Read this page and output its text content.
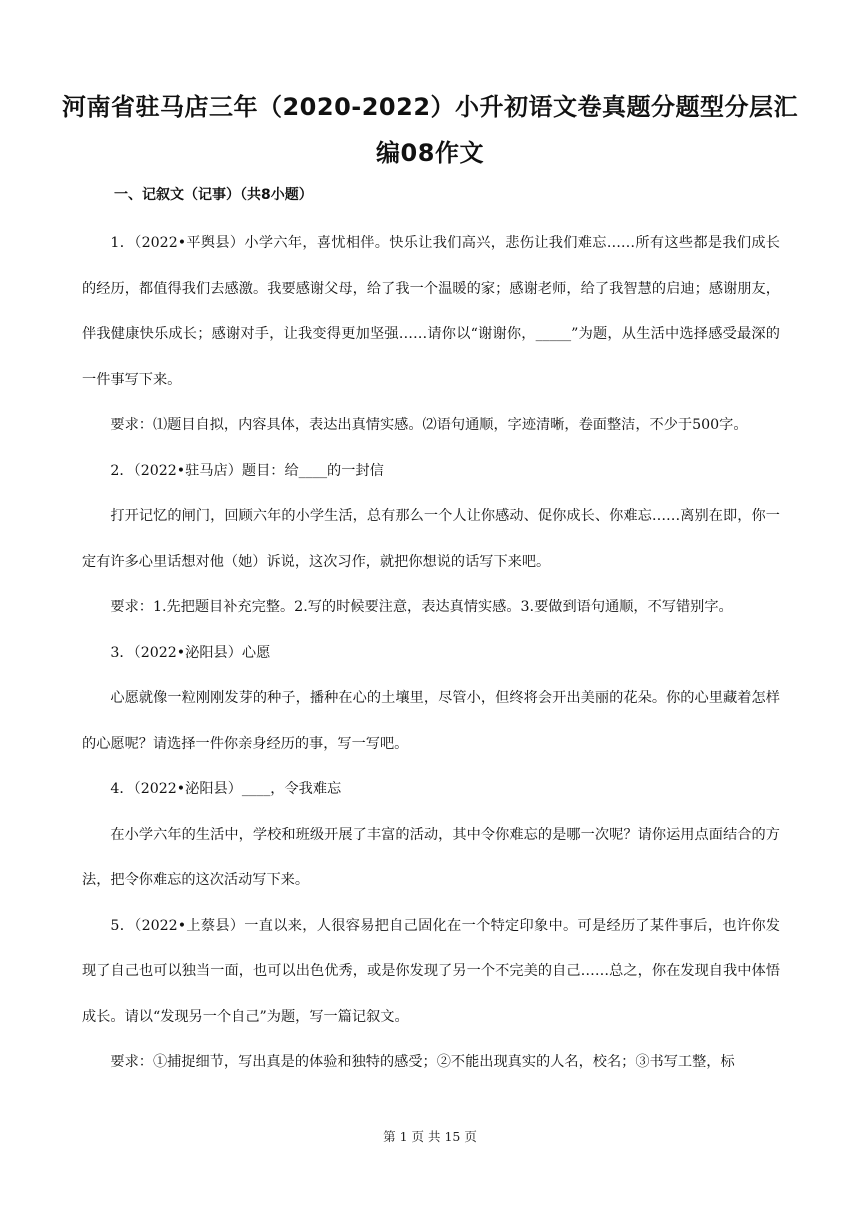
河南省驻马店三年（2020-2022）小升初语文卷真题分题型分层汇编08作文
一、记叙文（记事）（共8小题）

1．（2022•平舆县）小学六年，喜忧相伴。快乐让我们高兴，悲伤让我们难忘……所有这些都是我们成长的经历，都值得我们去感激。我要感谢父母，给了我一个温暖的家；感谢老师，给了我智慧的启迪；感谢朋友，伴我健康快乐成长；感谢对手，让我变得更加坚强……请你以“谢谢你，_____”为题，从生活中选择感受最深的一件事写下来。

要求：⑴题目自拟，内容具体，表达出真情实感。⑵语句通顺，字迹清晰，卷面整洁，不少于500字。

2．（2022•驻马店）题目：给____的一封信

打开记忆的闸门，回顾六年的小学生活，总有那么一个人让你感动、促你成长、你难忘……离别在即，你一定有许多心里话想对他（她）诉说，这次习作，就把你想说的话写下来吧。

要求：1.先把题目补充完整。2.写的时候要注意，表达真情实感。3.要做到语句通顺，不写错别字。

3．（2022•泌阳县）心愿

心愿就像一粒刚刚发芽的种子，播种在心的土壤里，尽管小，但终将会开出美丽的花朵。你的心里藏着怎样的心愿呢？请选择一件你亲身经历的事，写一写吧。

4．（2022•泌阳县）____，令我难忘

在小学六年的生活中，学校和班级开展了丰富的活动，其中令你难忘的是哪一次呢？请你运用点面结合的方法，把令你难忘的这次活动写下来。

5．（2022•上蔡县）一直以来，人很容易把自己固化在一个特定印象中。可是经历了某件事后，也许你发现了自己也可以独当一面，也可以出色优秀，或是你发现了另一个不完美的自己……总之，你在发现自我中体悟成长。请以“发现另一个自己”为题，写一篇记叙文。

要求：①捕捉细节，写出真是的体验和独特的感受；②不能出现真实的人名，校名；③书写工整，标

第 1 页 共 15 页
